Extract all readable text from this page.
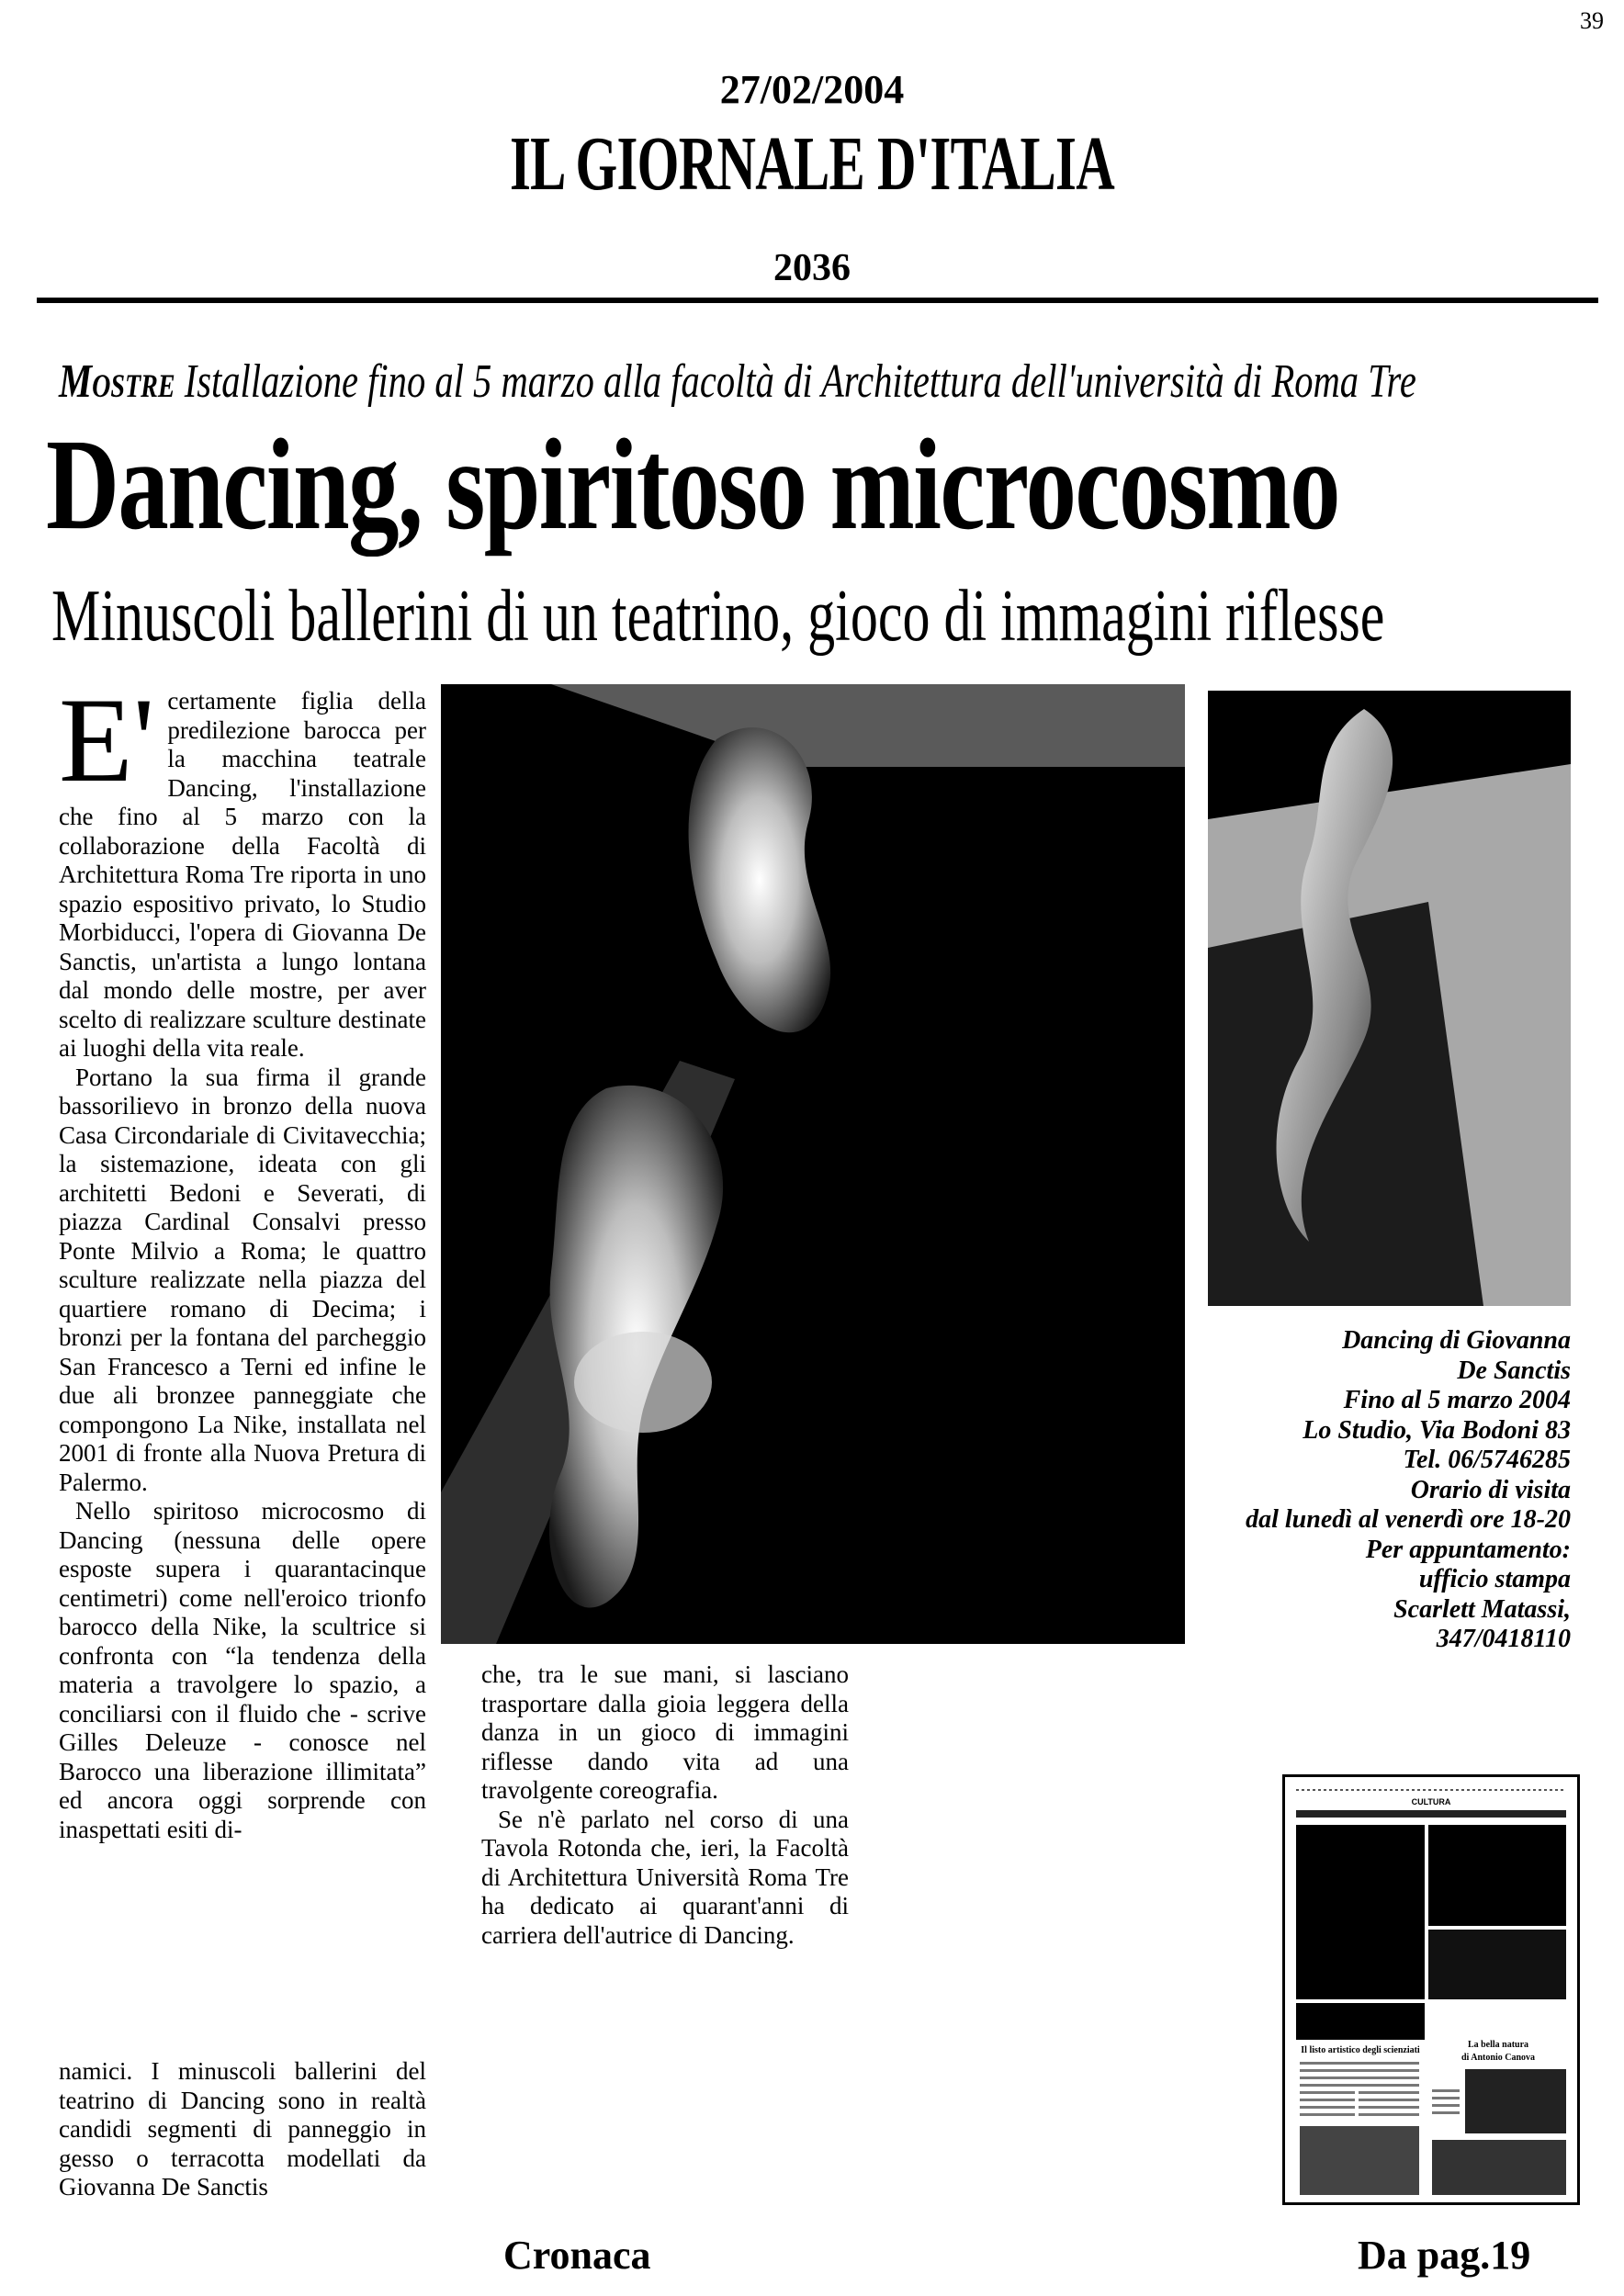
39
27/02/2004
IL GIORNALE D'ITALIA
2036
Mostre Istallazione fino al 5 marzo alla facoltà di Architettura dell'università di Roma Tre
Dancing, spiritoso microcosmo
Minuscoli ballerini di un teatrino, gioco di immagini riflesse

E' certamente figlia della predilezione barocca per la macchina teatrale Dancing, l'installazione che fino al 5 marzo con la collaborazione della Facoltà di Architettura Roma Tre riporta in uno spazio espositivo privato, lo Studio Morbiducci, l'opera di Giovanna De Sanctis, un'artista a lungo lontana dal mondo delle mostre, per aver scelto di realizzare sculture destinate ai luoghi della vita reale.

Portano la sua firma il grande bassorilievo in bronzo della nuova Casa Circondariale di Civitavecchia; la sistemazione, ideata con gli architetti Bedoni e Severati, di piazza Cardinal Consalvi presso Ponte Milvio a Roma; le quattro sculture realizzate nella piazza del quartiere romano di Decima; i bronzi per la fontana del parcheggio San Francesco a Terni ed infine le due ali bronzee panneggiate che compongono La Nike, installata nel 2001 di fronte alla Nuova Pretura di Palermo.

Nello spiritoso microcosmo di Dancing (nessuna delle opere esposte supera i quarantacinque centimetri) come nell'eroico trionfo barocco della Nike, la scultrice si confronta con “la tendenza della materia a travolgere lo spazio, a conciliarsi con il fluido che - scrive Gilles Deleuze - conosce nel Barocco una liberazione illimitata” ed ancora oggi sorprende con inaspettati esiti di-

Dancing di Giovanna
De Sanctis
Fino al 5 marzo 2004
Lo Studio, Via Bodoni 83
Tel. 06/5746285
Orario di visita
dal lunedì al venerdì ore 18-20
Per appuntamento:
ufficio stampa
Scarlett Matassi,
347/0418110

che, tra le sue mani, si lasciano trasportare dalla gioia leggera della danza in un gioco di immagini riflesse dando vita ad una travolgente coreografia.

Se n'è parlato nel corso di una Tavola Rotonda che, ieri, la Facoltà di Architettura Università Roma Tre ha dedicato ai quarant'anni di carriera dell'autrice di Dancing.

namici. I minuscoli ballerini del teatrino di Dancing sono in realtà candidi segmenti di panneggio in gesso o terracotta modellati da Giovanna De Sanctis

CULTURA
Il listo artistico degli scienziati
La bella natura
di Antonio Canova
Cronaca	Da pag.19
